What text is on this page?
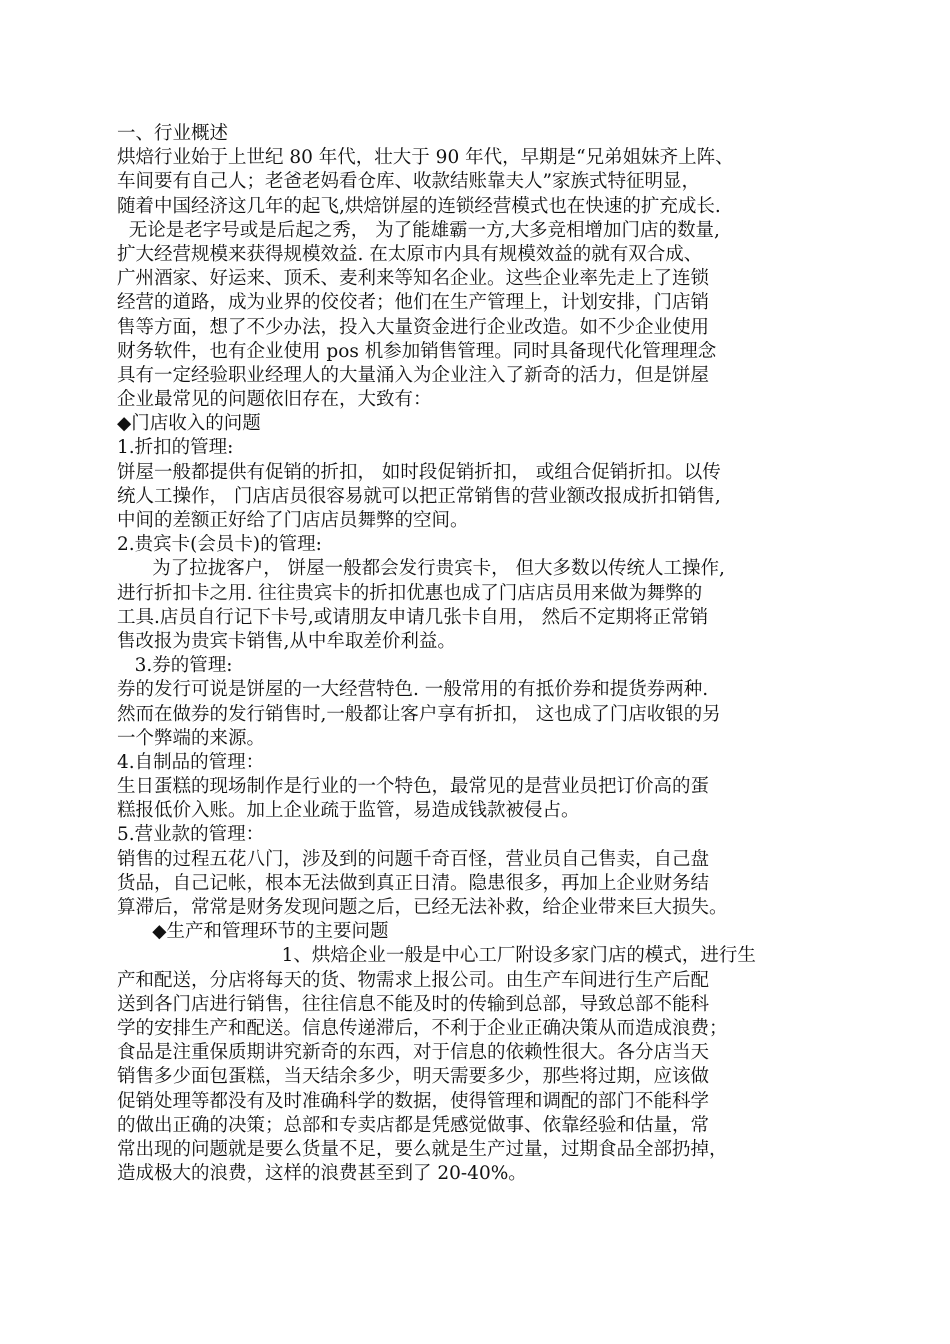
一、行业概述
烘焙行业始于上世纪 80 年代，壮大于 90 年代，早期是“兄弟姐妹齐上阵、
车间要有自己人；老爸老妈看仓库、收款结账靠夫人”家族式特征明显，
随着中国经济这几年的起飞,烘焙饼屋的连锁经营模式也在快速的扩充成长.
无论是老字号或是后起之秀， 为了能雄霸一方,大多竞相增加门店的数量,
扩大经营规模来获得规模效益. 在太原市内具有规模效益的就有双合成、
广州酒家、好运来、顶禾、麦利来等知名企业。这些企业率先走上了连锁
经营的道路，成为业界的佼佼者；他们在生产管理上，计划安排，门店销
售等方面，想了不少办法，投入大量资金进行企业改造。如不少企业使用
财务软件，也有企业使用 pos 机参加销售管理。同时具备现代化管理理念
具有一定经验职业经理人的大量涌入为企业注入了新奇的活力，但是饼屋
企业最常见的问题依旧存在，大致有：
◆门店收入的问题
1.折扣的管理:
饼屋一般都提供有促销的折扣， 如时段促销折扣， 或组合促销折扣。以传
统人工操作， 门店店员很容易就可以把正常销售的营业额改报成折扣销售,
中间的差额正好给了门店店员舞弊的空间。
2.贵宾卡(会员卡)的管理:
为了拉拢客户， 饼屋一般都会发行贵宾卡， 但大多数以传统人工操作,
进行折扣卡之用. 往往贵宾卡的折扣优惠也成了门店店员用来做为舞弊的
工具.店员自行记下卡号,或请朋友申请几张卡自用， 然后不定期将正常销
售改报为贵宾卡销售,从中牟取差价利益。
3.券的管理:
券的发行可说是饼屋的一大经营特色. 一般常用的有抵价券和提货券两种.
然而在做券的发行销售时,一般都让客户享有折扣， 这也成了门店收银的另
一个弊端的来源。
4.自制品的管理：
生日蛋糕的现场制作是行业的一个特色，最常见的是营业员把订价高的蛋
糕报低价入账。加上企业疏于监管，易造成钱款被侵占。
5.营业款的管理：
销售的过程五花八门，涉及到的问题千奇百怪，营业员自己售卖，自己盘
货品，自己记帐，根本无法做到真正日清。隐患很多，再加上企业财务结
算滞后，常常是财务发现问题之后，已经无法补救，给企业带来巨大损失。
◆生产和管理环节的主要问题
1、烘焙企业一般是中心工厂附设多家门店的模式，进行生
产和配送，分店将每天的货、物需求上报公司。由生产车间进行生产后配
送到各门店进行销售，往往信息不能及时的传输到总部，导致总部不能科
学的安排生产和配送。信息传递滞后，不利于企业正确决策从而造成浪费；
食品是注重保质期讲究新奇的东西，对于信息的依赖性很大。各分店当天
销售多少面包蛋糕，当天结余多少，明天需要多少，那些将过期，应该做
促销处理等都没有及时准确科学的数据，使得管理和调配的部门不能科学
的做出正确的决策；总部和专卖店都是凭感觉做事、依靠经验和估量，常
常出现的问题就是要么货量不足，要么就是生产过量，过期食品全部扔掉，
造成极大的浪费，这样的浪费甚至到了 20-40%。
